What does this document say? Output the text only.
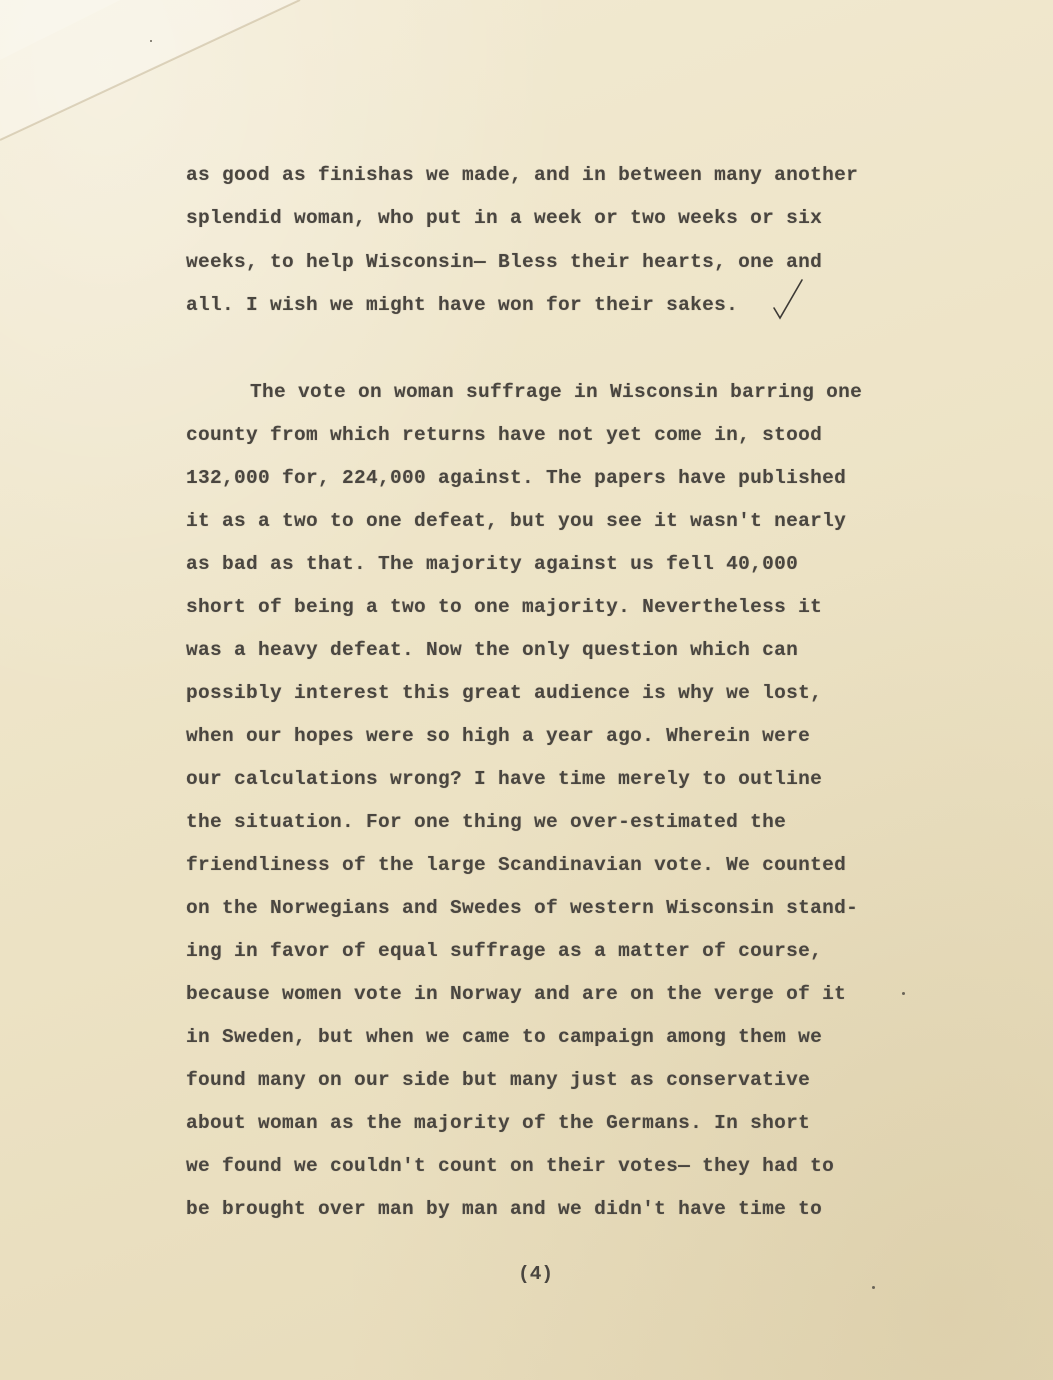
as good as finishas we made, and in between many another

splendid woman, who put in a week or two weeks or six

weeks, to help Wisconsin— Bless their hearts, one and

all. I wish we might have won for their sakes.

The vote on woman suffrage in Wisconsin barring one

county from which returns have not yet come in, stood

132,000 for, 224,000 against. The papers have published

it as a two to one defeat, but you see it wasn't nearly

as bad as that. The majority against us fell 40,000

short of being a two to one majority. Nevertheless it

was a heavy defeat. Now the only question which can

possibly interest this great audience is why we lost,

when our hopes were so high a year ago. Wherein were

our calculations wrong? I have time merely to outline

the situation. For one thing we over-estimated the

friendliness of the large Scandinavian vote. We counted

on the Norwegians and Swedes of western Wisconsin stand-

ing in favor of equal suffrage as a matter of course,

because women vote in Norway and are on the verge of it

in Sweden, but when we came to campaign among them we

found many on our side but many just as conservative

about woman as the majority of the Germans. In short

we found we couldn't count on their votes— they had to

be brought over man by man and we didn't have time to

(4)
